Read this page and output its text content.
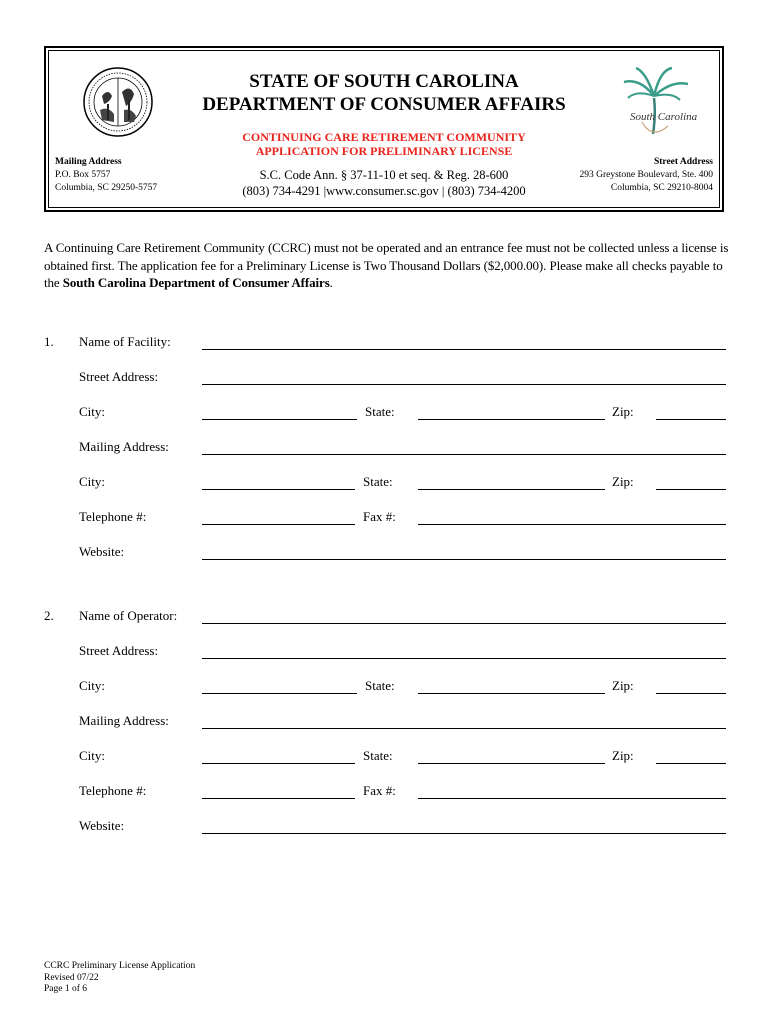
STATE OF SOUTH CAROLINA
DEPARTMENT OF CONSUMER AFFAIRS
CONTINUING CARE RETIREMENT COMMUNITY
APPLICATION FOR PRELIMINARY LICENSE
S.C. Code Ann. § 37-11-10 et seq. & Reg. 28-600
(803) 734-4291 |www.consumer.sc.gov | (803) 734-4200
Mailing Address
P.O. Box 5757
Columbia, SC 29250-5757
South Carolina
Street Address
293 Greystone Boulevard, Ste. 400
Columbia, SC 29210-8004
A Continuing Care Retirement Community (CCRC) must not be operated and an entrance fee must not be collected unless a license is obtained first. The application fee for a Preliminary License is Two Thousand Dollars ($2,000.00). Please make all checks payable to the South Carolina Department of Consumer Affairs.
1. Name of Facility:
Street Address:
City:	State:	Zip:
Mailing Address:
City:	State:	Zip:
Telephone #:	Fax #:
Website:
2. Name of Operator:
Street Address:
City:	State:	Zip:
Mailing Address:
City:	State:	Zip:
Telephone #:	Fax #:
Website:
CCRC Preliminary License Application
Revised 07/22
Page 1 of 6
